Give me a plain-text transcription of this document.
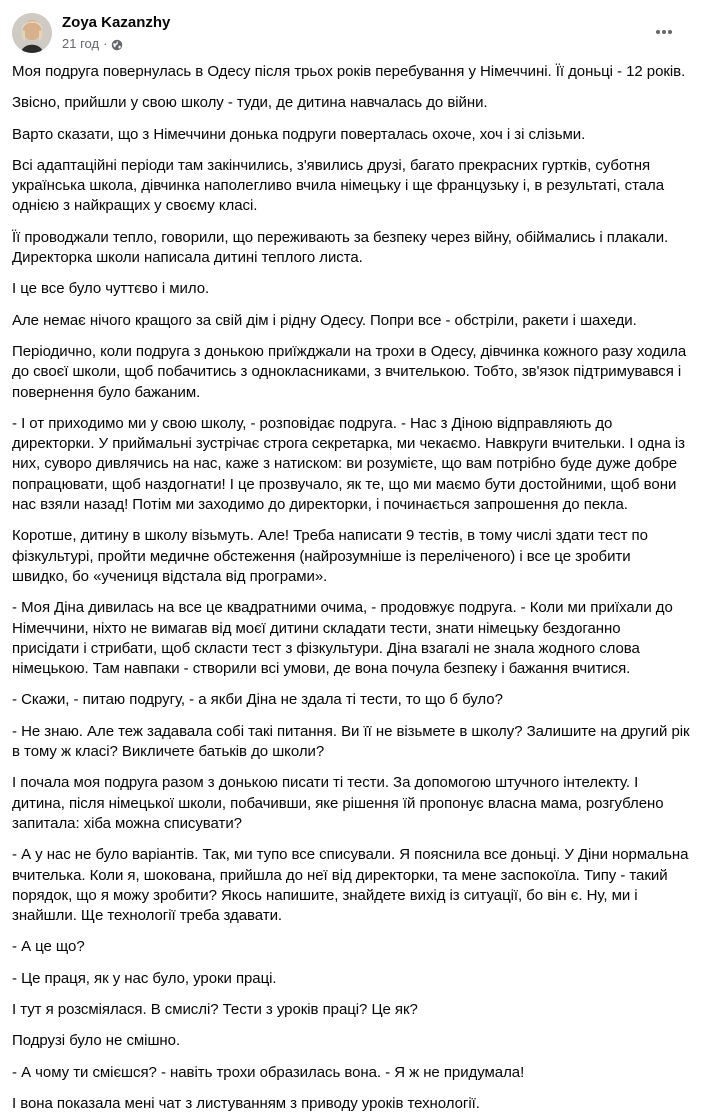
Zoya Kazanzhy
21 год ·

Моя подруга повернулась в Одесу після трьох років перебування у Німеччині. Її доньці - 12 років.

Звісно, прийшли у свою школу - туди, де дитина навчалась до війни.

Варто сказати, що з Німеччини донька подруги поверталась охоче, хоч і зі слізьми.

Всі адаптаційні періоди там закінчились, з'явились друзі, багато прекрасних гуртків, суботня українська школа, дівчинка наполегливо вчила німецьку і ще французьку і, в результаті, стала однією з найкращих у своєму класі.

Її проводжали тепло, говорили, що переживають за безпеку через війну, обіймались і плакали. Директорка школи написала дитині теплого листа.

І це все було чуттєво і мило.

Але немає нічого кращого за свій дім і рідну Одесу. Попри все - обстріли, ракети і шахеди.

Періодично, коли подруга з донькою приїжджали на трохи в Одесу, дівчинка кожного разу ходила до своєї школи, щоб побачитись з однокласниками, з вчителькою. Тобто, зв'язок підтримувався і повернення було бажаним.

- І от приходимо ми у свою школу, - розповідає подруга. - Нас з Діною відправляють до директорки. У приймальні зустрічає строга секретарка, ми чекаємо. Навкруги вчительки. І одна із них, суворо дивлячись на нас, каже з натиском: ви розумієте, що вам потрібно буде дуже добре попрацювати, щоб наздогнати! І це прозвучало, як те, що ми маємо бути достойними, щоб вони нас взяли назад! Потім ми заходимо до директорки, і починається запрошення до пекла.

Коротше, дитину в школу візьмуть. Але! Треба написати 9 тестів, в тому числі здати тест по фізкультурі, пройти медичне обстеження (найрозумніше із переліченого) і все це зробити швидко, бо «учениця відстала від програми».

- Моя Діна дивилась на все це квадратними очима, - продовжує подруга. - Коли ми приїхали до Німеччини, ніхто не вимагав від моєї дитини складати тести, знати німецьку бездоганно присідати і стрибати, щоб скласти тест з фізкультури. Діна взагалі не знала жодного слова німецькою. Там навпаки - створили всі умови, де вона почула безпеку і бажання вчитися.

- Скажи, - питаю подругу, - а якби Діна не здала ті тести, то що б було?

- Не знаю. Але теж задавала собі такі питання. Ви її не візьмете в школу? Залишите на другий рік в тому ж класі? Викличете батьків до школи?

І почала моя подруга разом з донькою писати ті тести. За допомогою штучного інтелекту. І дитина, після німецької школи, побачивши, яке рішення їй пропонує власна мама, розгублено запитала: хіба можна списувати?

- А у нас не було варіантів. Так, ми тупо все списували. Я пояснила все доньці. У Діни нормальна вчителька. Коли я, шокована, прийшла до неї від директорки, та мене заспокоїла. Типу - такий порядок, що я можу зробити? Якось напишите, знайдете вихід із ситуації, бо він є. Ну, ми і знайшли. Ще технології треба здавати.

- А це що?

- Це праця, як у нас було, уроки праці.

І тут я розсміялася. В смислі? Тести з уроків праці? Це як?

Подрузі було не смішно.

- А чому ти смієшся? - навіть трохи образилась вона. - Я ж не придумала!

І вона показала мені чат з листуванням з приводу уроків технології.
